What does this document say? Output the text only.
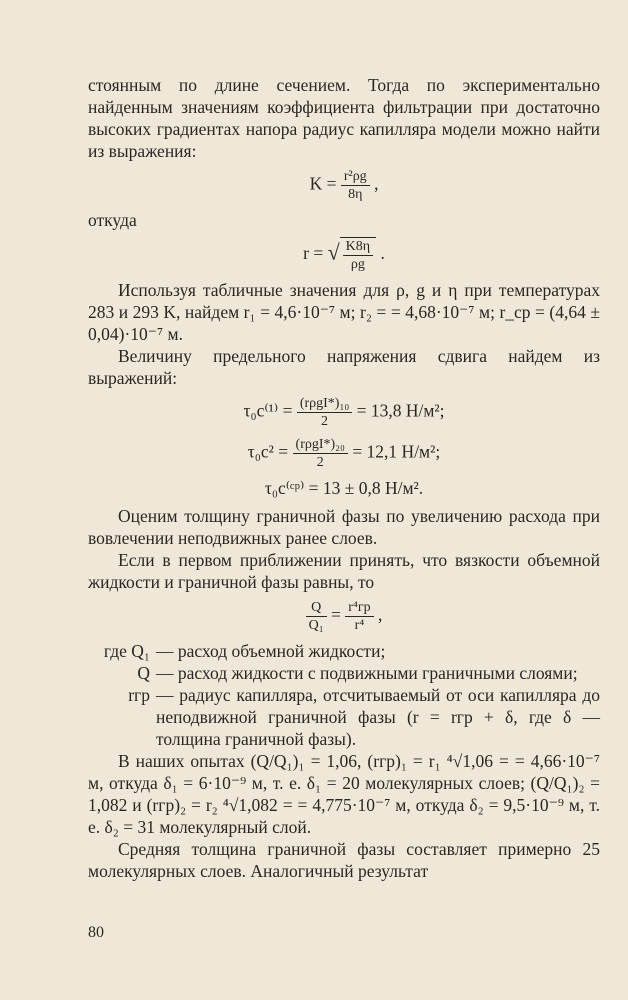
стоянным по длине сечением. Тогда по экспериментально найденным значениям коэффициента фильтрации при достаточно высоких градиентах напора радиус капилляра модели можно найти из выражения:

$K = \frac{\text{r²ρg}}{8\eta}$ ,

откуда

r = √ $\frac{K8\eta}{\rho g}$ .

Используя табличные значения для ρ, g и η при температурах 283 и 293 K, найдем r₁ = 4,6·10⁻⁷ м; r₂ = = 4,68·10⁻⁷ м; r_ср = (4,64 ± 0,04)·10⁻⁷ м.

Величину предельного напряжения сдвига найдем из выражений:

$\tau_0с^{(1)} = \frac{\text{(rρgI*)₁₀}}{2} = 13,8$ Н/м²;
$\tau_0с^2 = \frac{\text{(rρgI*)₂₀}}{2} = 12,1$ Н/м²;
τ₀с⁽ᶜᵖ⁾ = 13 ± 0,8 Н/м².

Оценим толщину граничной фазы по увеличению расхода при вовлечении неподвижных ранее слоев.

Если в первом приближении принять, что вязкости объемной жидкости и граничной фазы равны, то

$\frac{Q}{\text{Q₁}} = \frac{\text{r⁴гр}}{\text{r⁴}}$ ,
где Q₁ — расход объемной жидкости;
Q — расход жидкости с подвижными граничными слоями;
rгр — радиус капилляра, отсчитываемый от оси капилляра до неподвижной граничной фазы (r = rгр + δ, где δ — толщина граничной фазы).

В наших опытах (Q/Q₁)₁ = 1,06, (rгр)₁ = r₁ ⁴√1,06 = = 4,66·10⁻⁷ м, откуда δ₁ = 6·10⁻⁹ м, т. е. δ₁ = 20 молекулярных слоев; (Q/Q₁)₂ = 1,082 и (rгр)₂ = r₂ ⁴√1,082 = = 4,775·10⁻⁷ м, откуда δ₂ = 9,5·10⁻⁹ м, т. е. δ₂ = 31 молекулярный слой.

Средняя толщина граничной фазы составляет примерно 25 молекулярных слоев. Аналогичный результат

80
